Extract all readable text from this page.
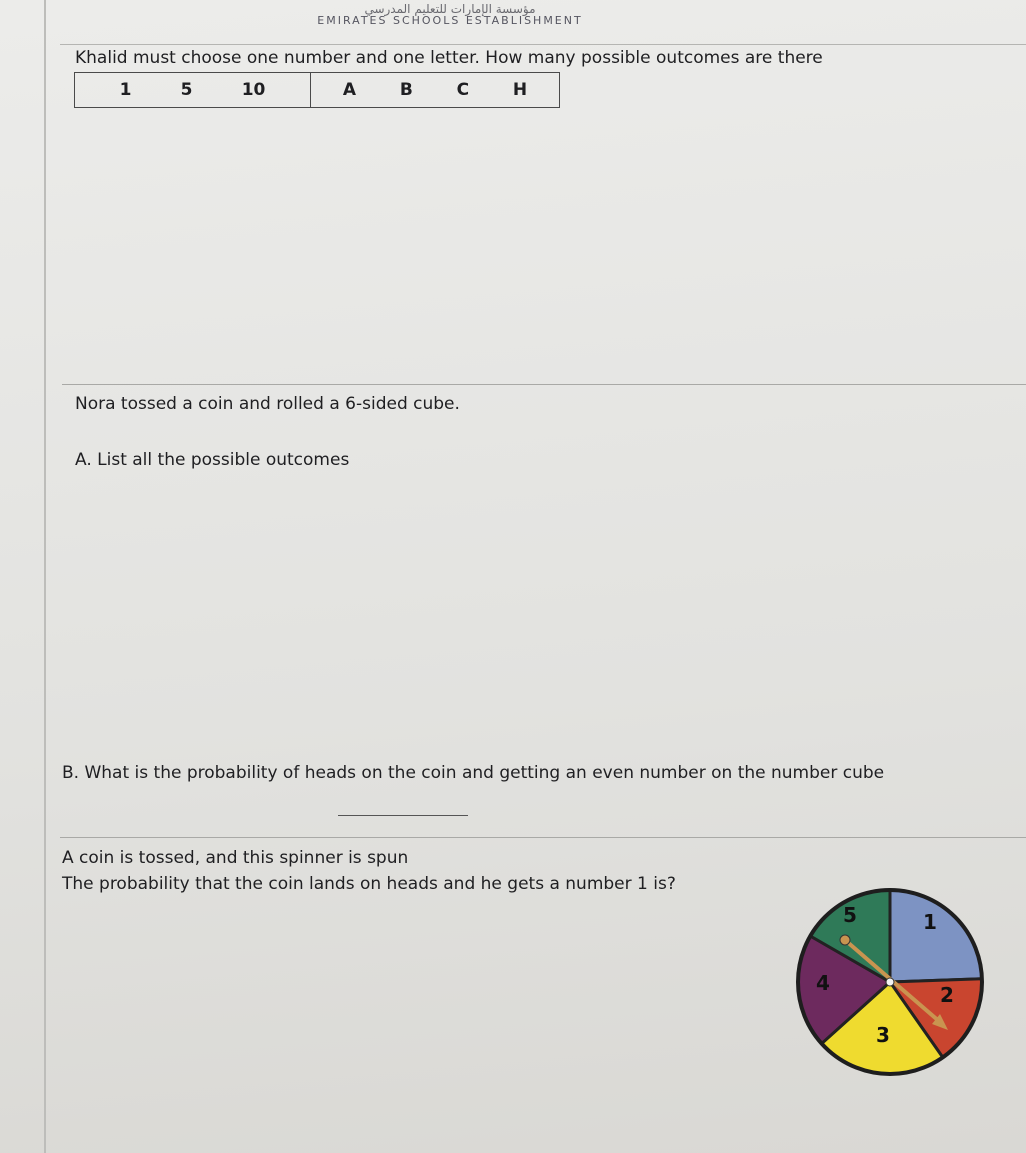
مؤسسة الإمارات للتعليم المدرسي
EMIRATES SCHOOLS ESTABLISHMENT
Khalid must choose one number and one letter. How many possible outcomes are there
1	5	10	A	B	C	H
Nora tossed a coin and rolled a 6-sided cube.
A. List all the possible outcomes
B. What is the probability of heads on the coin and getting an even number on the number cube
A coin is tossed, and this spinner is spun
The probability that the coin lands on heads and he gets a number 1 is?
1
2
3
4
5
